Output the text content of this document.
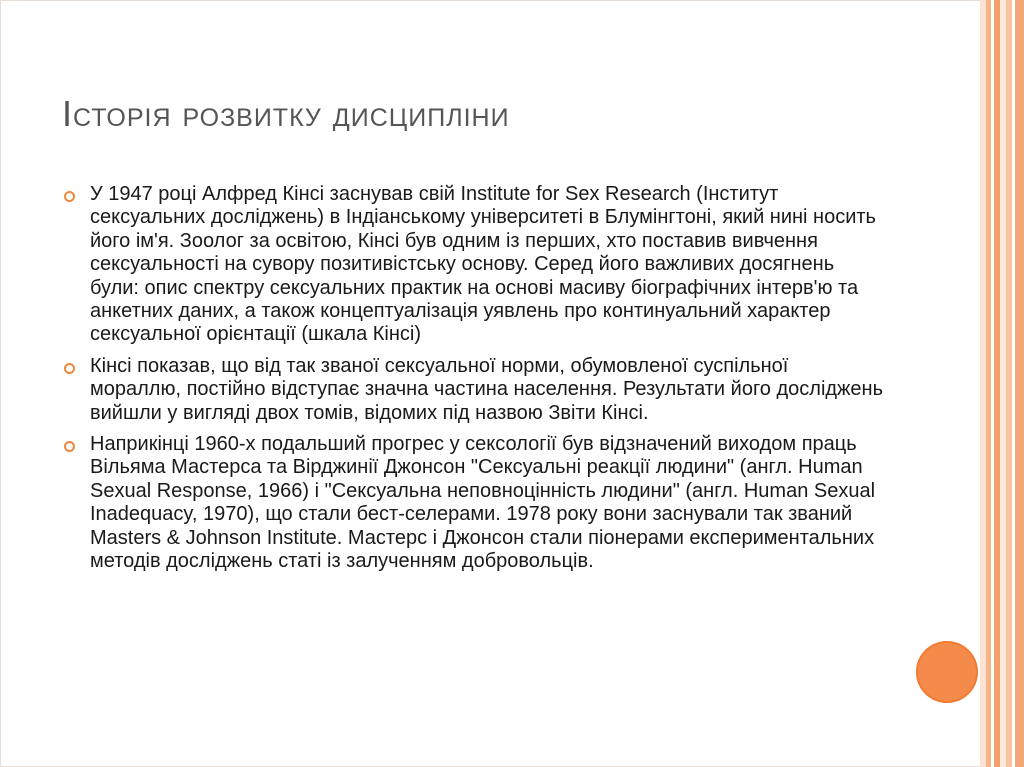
Історія розвитку дисципліни

У 1947 році Алфред Кінсі заснував свій Institute for Sex Research (Інститут сексуальних досліджень) в Індіанському університеті в Блумінгтоні, який нині носить його ім'я. Зоолог за освітою, Кінсі був одним із перших, хто поставив вивчення сексуальності на сувору позитивістську основу. Серед його важливих досягнень були: опис спектру сексуальних практик на основі масиву біографічних інтерв'ю та анкетних даних, а також концептуалізація уявлень про континуальний характер сексуальної орієнтації (шкала Кінсі)

Кінсі показав, що від так званої сексуальної норми, обумовленої суспільної мораллю, постійно відступає значна частина населення. Результати його досліджень вийшли у вигляді двох томів, відомих під назвою Звіти Кінсі.

Наприкінці 1960-х подальший прогрес у сексології був відзначений виходом праць Вільяма Мастерса та Вірджинії Джонсон "Сексуальні реакції людини" (англ. Human Sexual Response, 1966) і "Сексуальна неповноцінність людини" (англ. Human Sexual Inadequacy, 1970), що стали бест-селерами. 1978 року вони заснували так званий Masters & Johnson Institute. Мастерс і Джонсон стали піонерами експериментальних методів досліджень статі із залученням добровольців.
